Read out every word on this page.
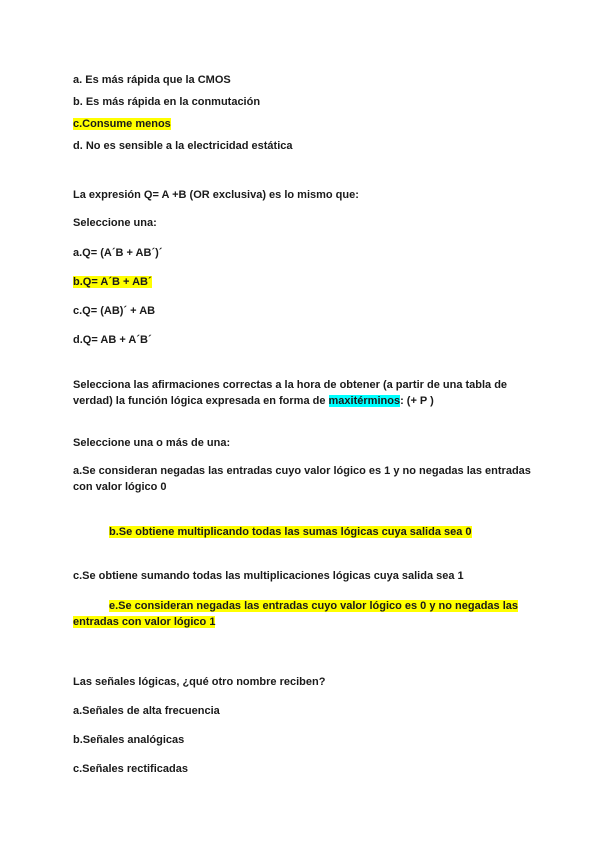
a. Es más rápida que la CMOS
b. Es más rápida en la conmutación
c.Consume menos
d. No es sensible a la electricidad estática
La expresión Q= A +B (OR exclusiva) es lo mismo que:
Seleccione una:
a.Q= (A´B + AB´)´
b.Q= A´B + AB´
c.Q= (AB)´ + AB
d.Q= AB + A´B´
Selecciona las afirmaciones correctas a la hora de obtener (a partir de una tabla de verdad) la función lógica expresada en forma de maxitérminos: (+ P )
Seleccione una o más de una:
a.Se consideran negadas las entradas cuyo valor lógico es 1 y no negadas las entradas con valor lógico 0
b.Se obtiene multiplicando todas las sumas lógicas cuya salida sea 0
c.Se obtiene sumando todas las multiplicaciones lógicas cuya salida sea 1
e.Se consideran negadas las entradas cuyo valor lógico es 0 y no negadas las entradas con valor lógico 1
Las señales lógicas, ¿qué otro nombre reciben?
a.Señales de alta frecuencia
b.Señales analógicas
c.Señales rectificadas
